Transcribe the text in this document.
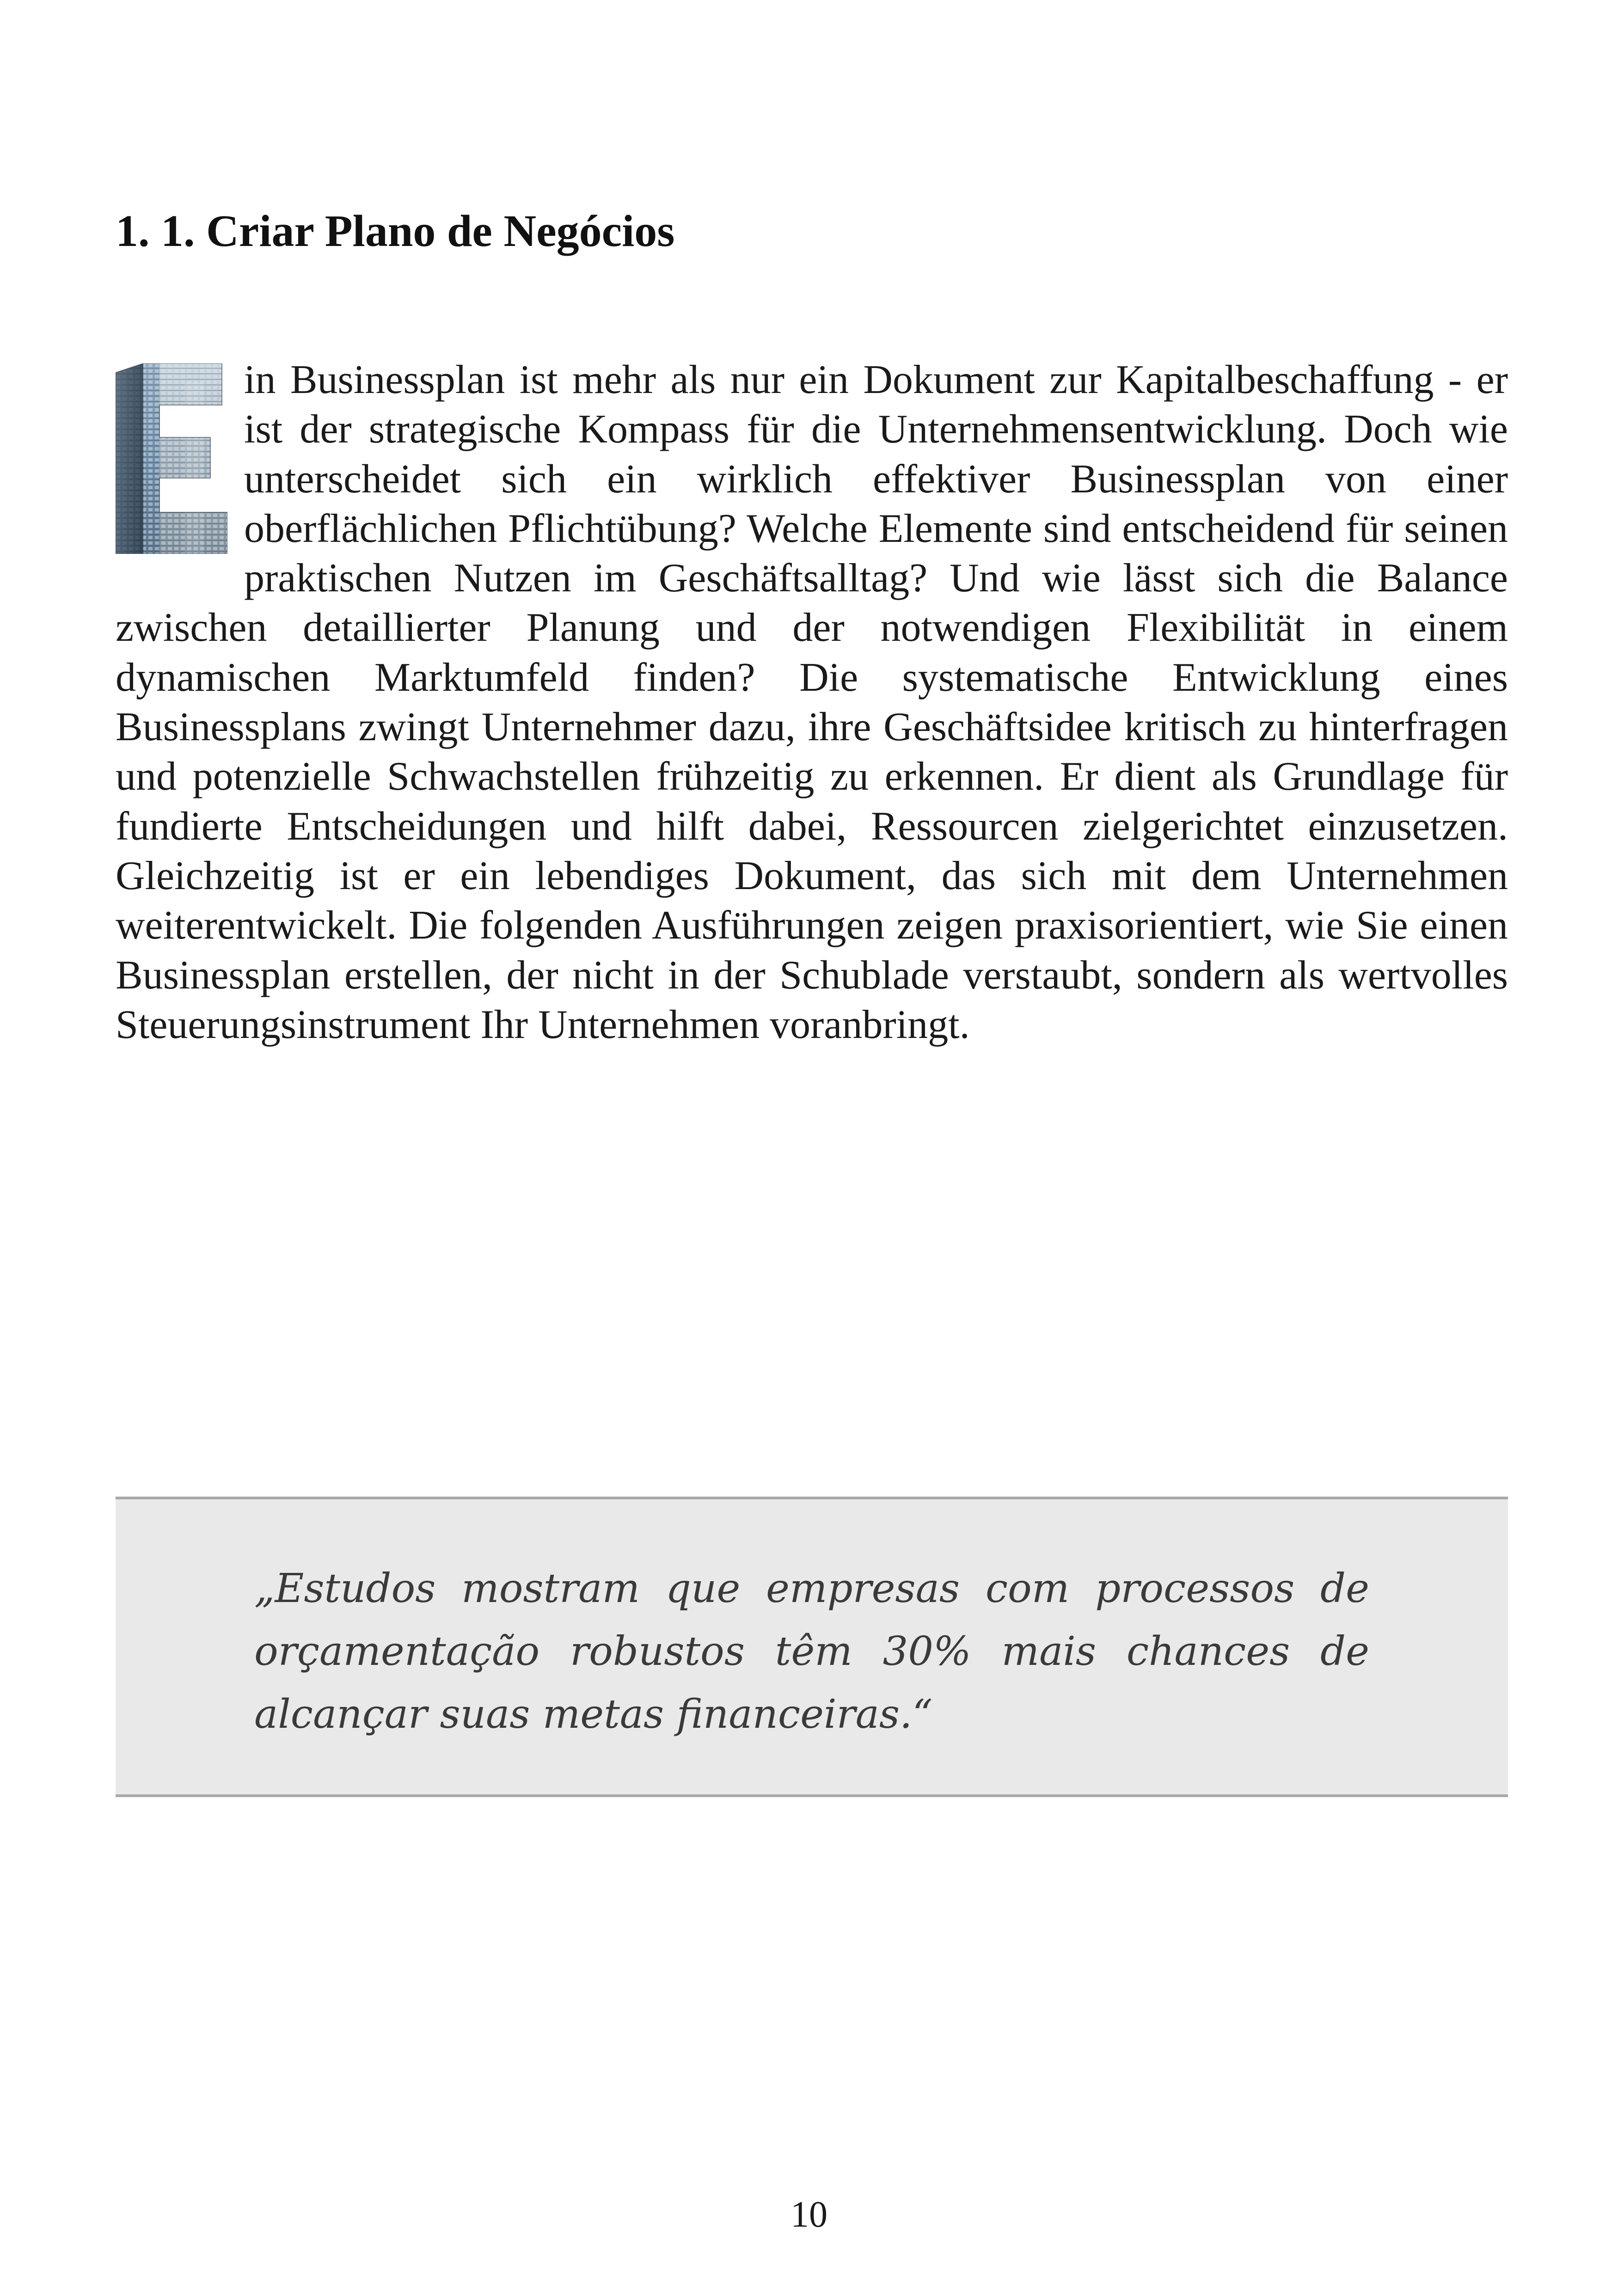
1. 1. Criar Plano de Negócios

in Businessplan ist mehr als nur ein Dokument zur Kapitalbeschaffung - er ist der strategische Kompass für die Unternehmensentwicklung. Doch wie unterscheidet sich ein wirklich effektiver Businessplan von einer oberflächlichen Pflichtübung? Welche Elemente sind entscheidend für seinen praktischen Nutzen im Geschäftsalltag? Und wie lässt sich die Balance zwischen detaillierter Planung und der notwendigen Flexibilität in einem dynamischen Marktumfeld finden? Die systematische Entwicklung eines Businessplans zwingt Unternehmer dazu, ihre Geschäftsidee kritisch zu hinterfragen und potenzielle Schwachstellen frühzeitig zu erkennen. Er dient als Grundlage für fundierte Entscheidungen und hilft dabei, Ressourcen zielgerichtet einzusetzen. Gleichzeitig ist er ein lebendiges Dokument, das sich mit dem Unternehmen weiterentwickelt. Die folgenden Ausführungen zeigen praxisorientiert, wie Sie einen Businessplan erstellen, der nicht in der Schublade verstaubt, sondern als wertvolles Steuerungsinstrument Ihr Unternehmen voranbringt.

„Estudos mostram que empresas com processos de orçamentação robustos têm 30% mais chances de alcançar suas metas financeiras.“

10
